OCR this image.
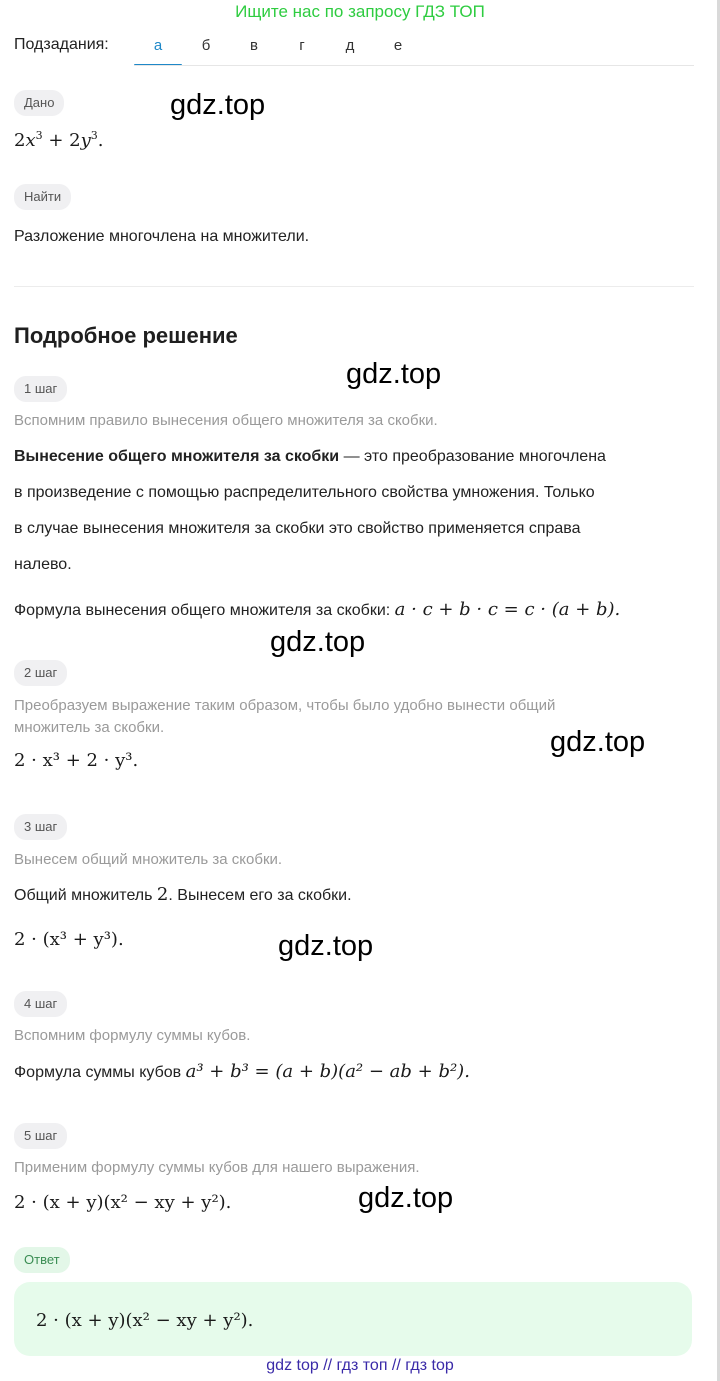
Ищите нас по запросу ГДЗ ТОП
Подзадания:	а	б	в	г	д	е
Дано
$2x^3 + 2y^3$.
Найти
Разложение многочлена на множители.
Подробное решение
1 шаг
Вспомним правило вынесения общего множителя за скобки.
Вынесение общего множителя за скобки — это преобразование многочлена
в произведение с помощью распределительного свойства умножения. Только
в случае вынесения множителя за скобки это свойство применяется справа
налево.
Формула вынесения общего множителя за скобки: a · c + b · c = c · (a + b).
2 шаг
Преобразуем выражение таким образом, чтобы было удобно вынести общий
множитель за скобки.
2 · x³ + 2 · y³.
3 шаг
Вынесем общий множитель за скобки.
Общий множитель 2. Вынесем его за скобки.
2 · (x³ + y³).
4 шаг
Вспомним формулу суммы кубов.
Формула суммы кубов a³ + b³ = (a + b)(a² − ab + b²).
5 шаг
Применим формулу суммы кубов для нашего выражения.
2 · (x + y)(x² − xy + y²).
Ответ
2 · (x + y)(x² − xy + y²).
gdz.top
gdz.top
gdz.top
gdz.top
gdz.top
gdz.top
gdz top // гдз топ // гдз top
